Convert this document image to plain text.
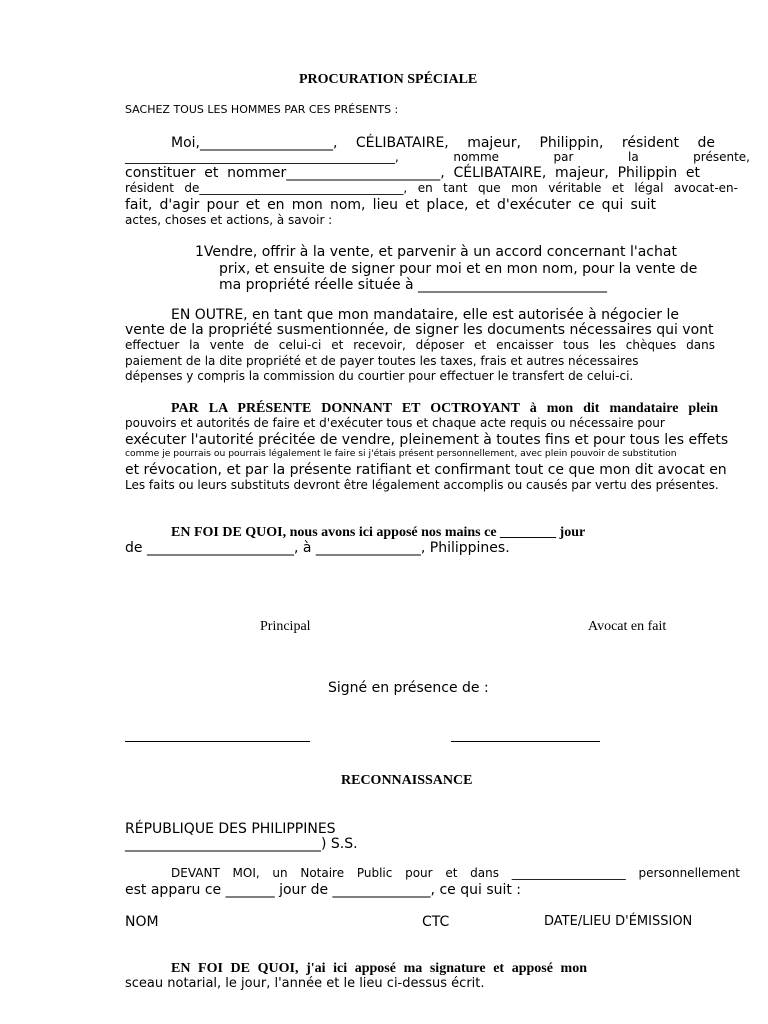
PROCURATION SPÉCIALE
SACHEZ TOUS LES HOMMES PAR CES PRÉSENTS :
Moi,___________________, CÉLIBATAIRE, majeur, Philippin, résident de
_____________________________________________, nomme par la présente,
constituer et nommer______________________, CÉLIBATAIRE, majeur, Philippin et
résident de__________________________________, en tant que mon véritable et légal avocat-en-
fait, d'agir pour et en mon nom, lieu et place, et d'exécuter ce qui suit
actes, choses et actions, à savoir :
1Vendre, offrir à la vente, et parvenir à un accord concernant l'achat
prix, et ensuite de signer pour moi et en mon nom, pour la vente de
ma propriété réelle située à ___________________________
EN OUTRE, en tant que mon mandataire, elle est autorisée à négocier le
vente de la propriété susmentionnée, de signer les documents nécessaires qui vont
effectuer la vente de celui-ci et recevoir, déposer et encaisser tous les chèques dans
paiement de la dite propriété et de payer toutes les taxes, frais et autres nécessaires
dépenses y compris la commission du courtier pour effectuer le transfert de celui-ci.
PAR LA PRÉSENTE DONNANT ET OCTROYANT à mon dit mandataire plein
pouvoirs et autorités de faire et d'exécuter tous et chaque acte requis ou nécessaire pour
exécuter l'autorité précitée de vendre, pleinement à toutes fins et pour tous les effets
comme je pourrais ou pourrais légalement le faire si j'étais présent personnellement, avec plein pouvoir de substitution
et révocation, et par la présente ratifiant et confirmant tout ce que mon dit avocat en
Les faits ou leurs substituts devront être légalement accomplis ou causés par vertu des présentes.
EN FOI DE QUOI, nous avons ici apposé nos mains ce ________ jour
de _____________________, à _______________, Philippines.
Principal	Avocat en fait
Signé en présence de :
RECONNAISSANCE
RÉPUBLIQUE DES PHILIPPINES
____________________________) S.S.
DEVANT MOI, un Notaire Public pour et dans ___________________ personnellement
est apparu ce _______ jour de ______________, ce qui suit :
NOM	CTC	DATE/LIEU D'ÉMISSION
EN FOI DE QUOI, j'ai ici apposé ma signature et apposé mon
sceau notarial, le jour, l'année et le lieu ci-dessus écrit.
